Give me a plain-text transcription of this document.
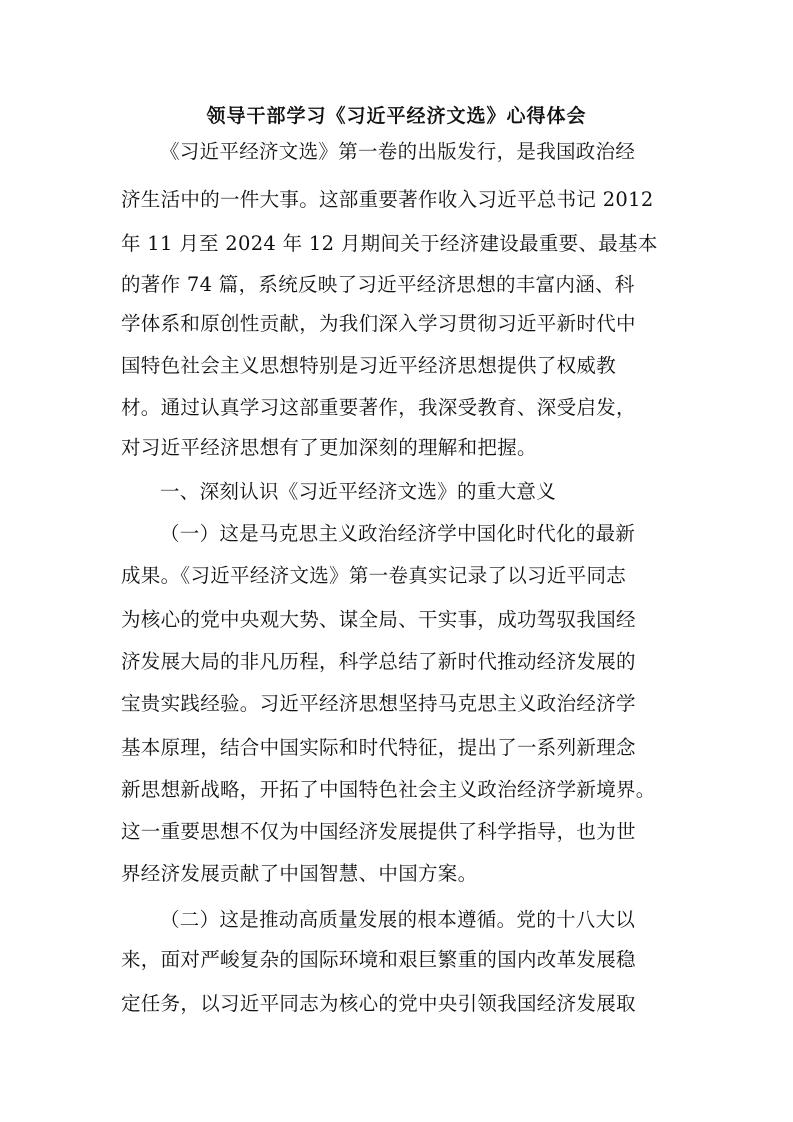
领导干部学习《习近平经济文选》心得体会
《习近平经济文选》第一卷的出版发行，是我国政治经
济生活中的一件大事。这部重要著作收入习近平总书记 2012
年 11 月至 2024 年 12 月期间关于经济建设最重要、最基本
的著作 74 篇，系统反映了习近平经济思想的丰富内涵、科
学体系和原创性贡献，为我们深入学习贯彻习近平新时代中
国特色社会主义思想特别是习近平经济思想提供了权威教
材。通过认真学习这部重要著作，我深受教育、深受启发，
对习近平经济思想有了更加深刻的理解和把握。
一、深刻认识《习近平经济文选》的重大意义
（一）这是马克思主义政治经济学中国化时代化的最新
成果。《习近平经济文选》第一卷真实记录了以习近平同志
为核心的党中央观大势、谋全局、干实事，成功驾驭我国经
济发展大局的非凡历程，科学总结了新时代推动经济发展的
宝贵实践经验。习近平经济思想坚持马克思主义政治经济学
基本原理，结合中国实际和时代特征，提出了一系列新理念
新思想新战略，开拓了中国特色社会主义政治经济学新境界。
这一重要思想不仅为中国经济发展提供了科学指导，也为世
界经济发展贡献了中国智慧、中国方案。
（二）这是推动高质量发展的根本遵循。党的十八大以
来，面对严峻复杂的国际环境和艰巨繁重的国内改革发展稳
定任务，以习近平同志为核心的党中央引领我国经济发展取
